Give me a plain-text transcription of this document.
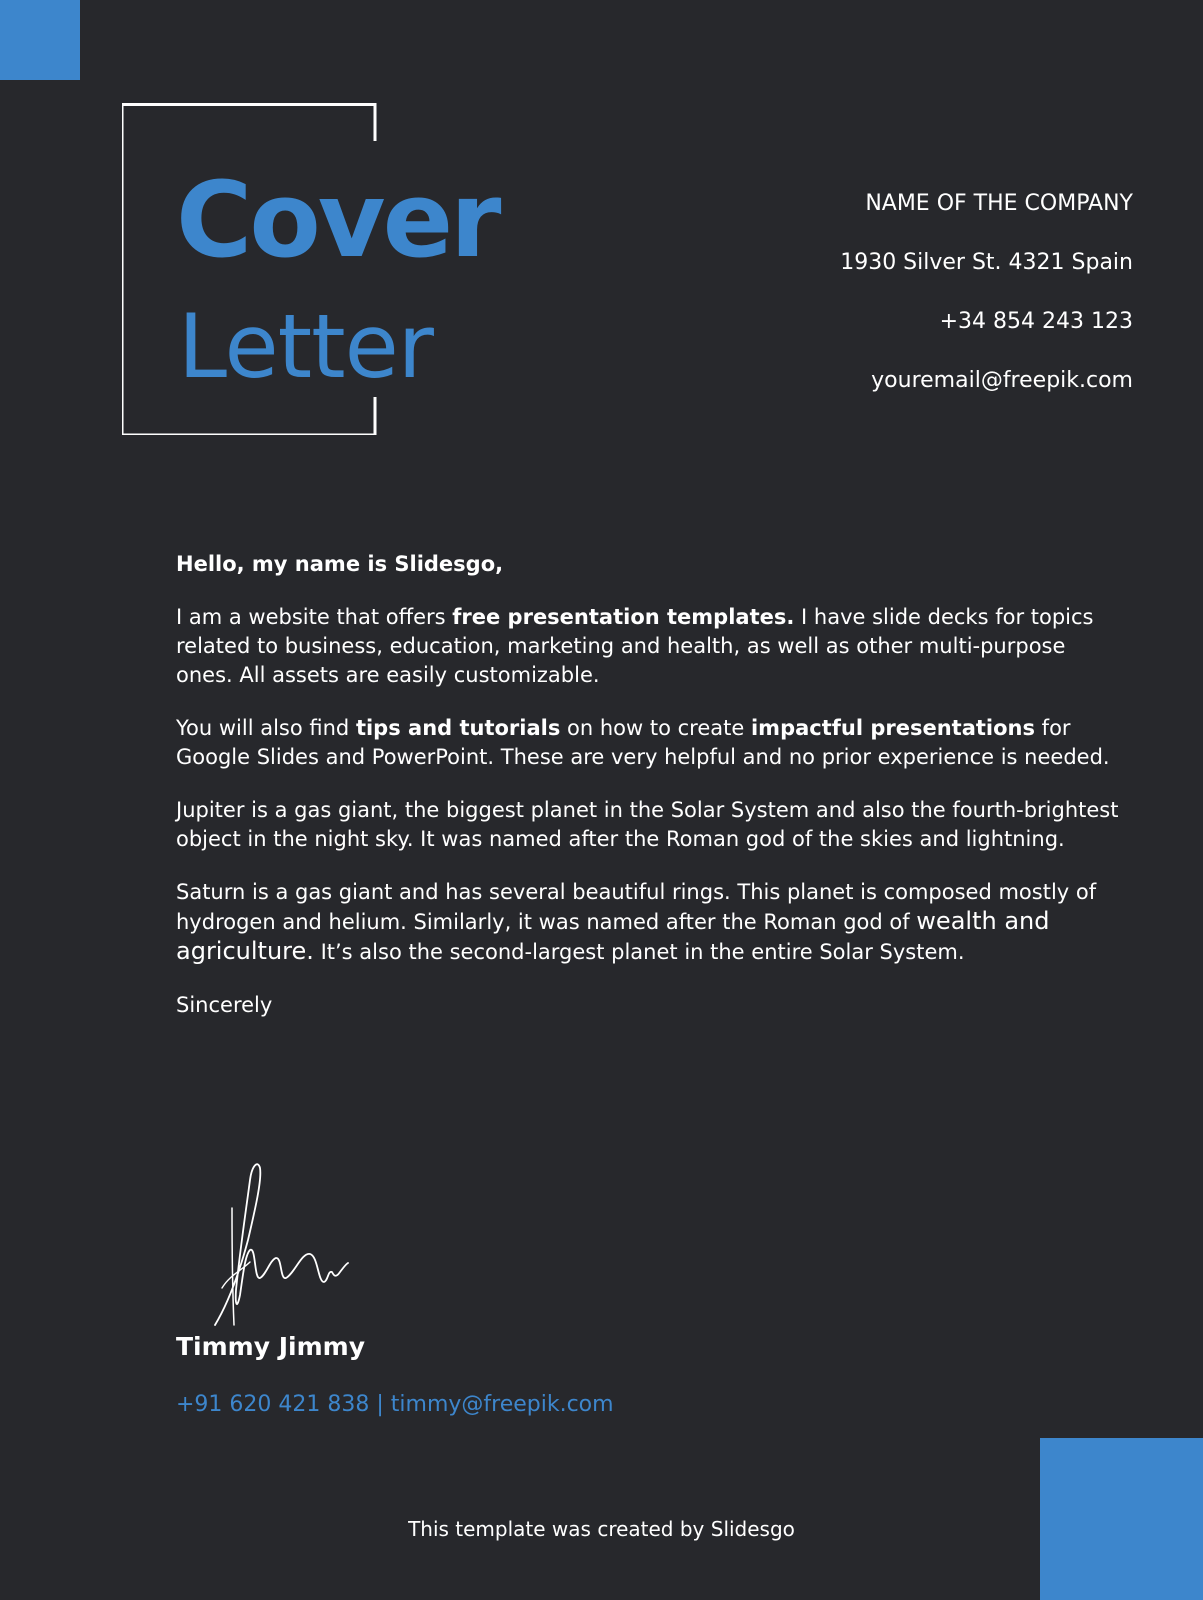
Cover
Letter
NAME OF THE COMPANY
1930 Silver St. 4321 Spain
+34 854 243 123
youremail@freepik.com
Hello, my name is Slidesgo,
I am a website that offers free presentation templates. I have slide decks for topics related to business, education, marketing and health, as well as other multi-purpose ones. All assets are easily customizable.
You will also find tips and tutorials on how to create impactful presentations for Google Slides and PowerPoint. These are very helpful and no prior experience is needed.
Jupiter is a gas giant, the biggest planet in the Solar System and also the fourth-brightest object in the night sky. It was named after the Roman god of the skies and lightning.
Saturn is a gas giant and has several beautiful rings. This planet is composed mostly of hydrogen and helium. Similarly, it was named after the Roman god of wealth and agriculture. It’s also the second-largest planet in the entire Solar System.
Sincerely
Timmy Jimmy
+91 620 421 838 | timmy@freepik.com
This template was created by Slidesgo
